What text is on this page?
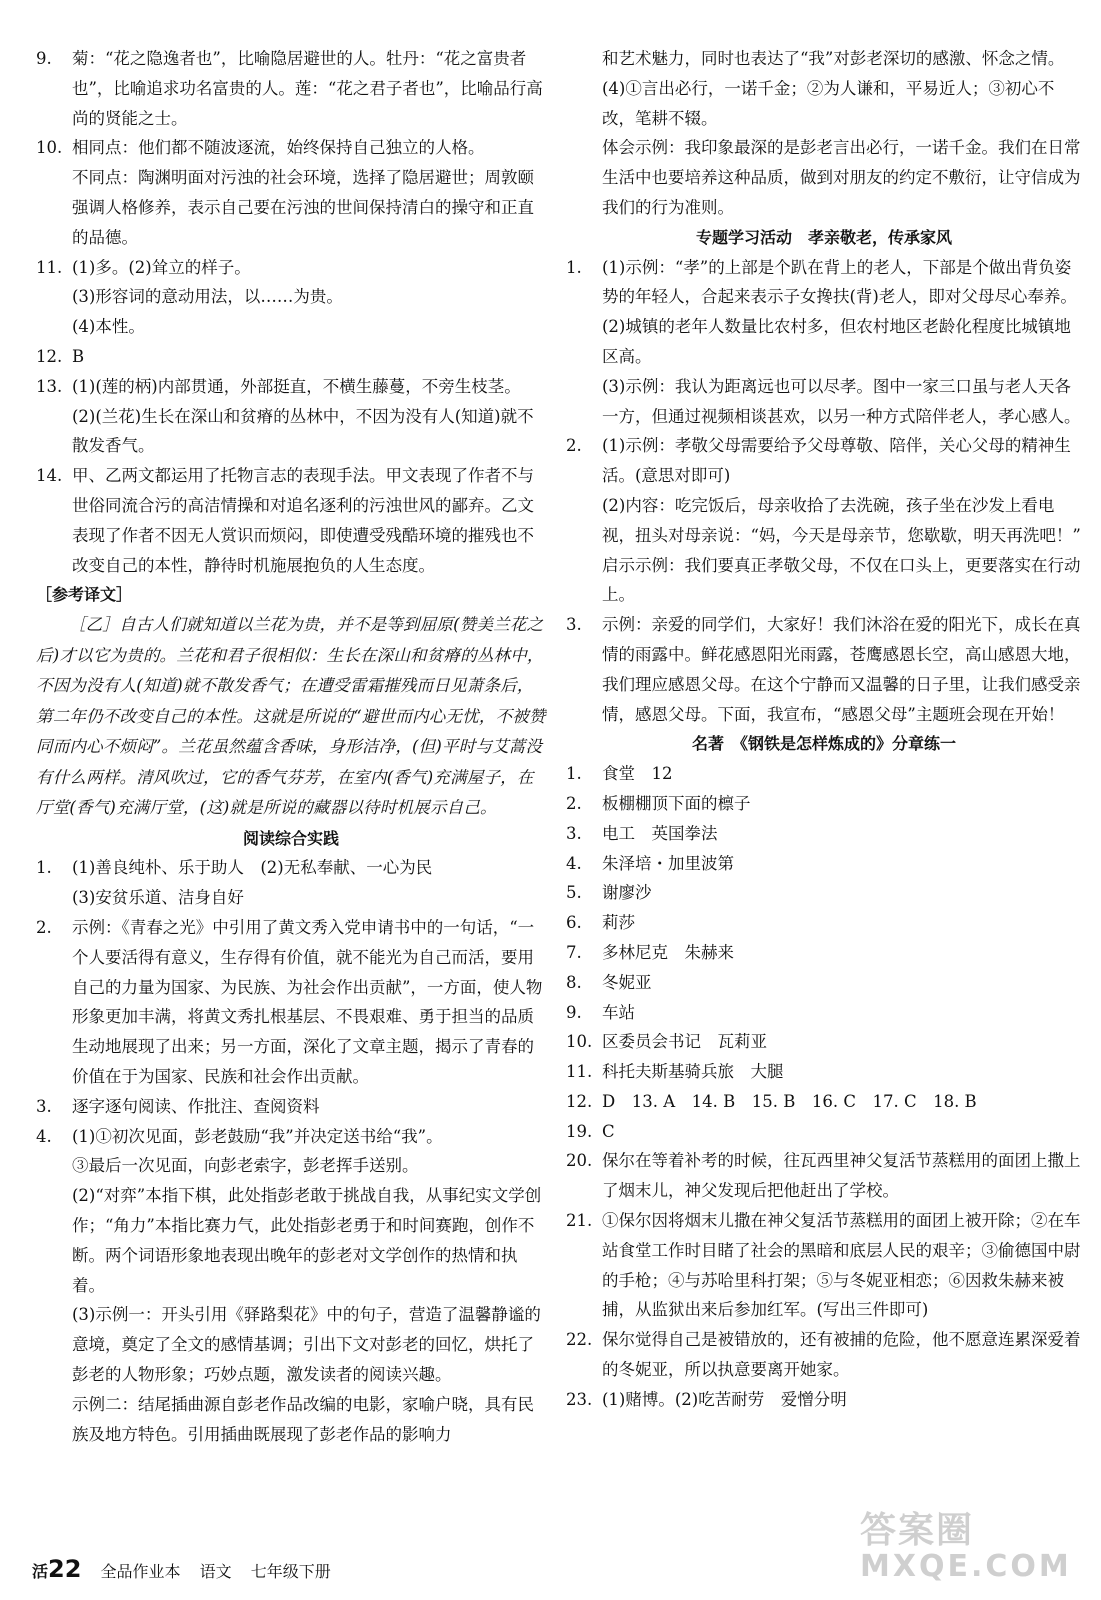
9. 菊：“花之隐逸者也”，比喻隐居避世的人。牡丹：“花之富贵者也”，比喻追求功名富贵的人。莲：“花之君子者也”，比喻品行高尚的贤能之士。

10. 相同点：他们都不随波逐流，始终保持自己独立的人格。

不同点：陶渊明面对污浊的社会环境，选择了隐居避世；周敦颐强调人格修养，表示自己要在污浊的世间保持清白的操守和正直的品德。

11. (1)多。(2)耸立的样子。

(3)形容词的意动用法，以……为贵。

(4)本性。

12. B

13. (1)(莲的柄)内部贯通，外部挺直，不横生藤蔓，不旁生枝茎。

(2)(兰花)生长在深山和贫瘠的丛林中，不因为没有人(知道)就不散发香气。

14. 甲、乙两文都运用了托物言志的表现手法。甲文表现了作者不与世俗同流合污的高洁情操和对追名逐利的污浊世风的鄙弃。乙文表现了作者不因无人赏识而烦闷，即使遭受残酷环境的摧残也不改变自己的本性，静待时机施展抱负的人生态度。

［参考译文］

［乙］自古人们就知道以兰花为贵，并不是等到屈原(赞美兰花之后)才以它为贵的。兰花和君子很相似：生长在深山和贫瘠的丛林中，不因为没有人(知道)就不散发香气；在遭受雷霜摧残而日见萧条后，第二年仍不改变自己的本性。这就是所说的“避世而内心无忧，不被赞同而内心不烦闷”。兰花虽然蕴含香味，身形洁净，(但)平时与艾蒿没有什么两样。清风吹过，它的香气芬芳，在室内(香气)充满屋子，在厅堂(香气)充满厅堂，(这)就是所说的藏器以待时机展示自己。

阅读综合实践

1. (1)善良纯朴、乐于助人　(2)无私奉献、一心为民

(3)安贫乐道、洁身自好

2. 示例：《青春之光》中引用了黄文秀入党申请书中的一句话，“一个人要活得有意义，生存得有价值，就不能光为自己而活，要用自己的力量为国家、为民族、为社会作出贡献”，一方面，使人物形象更加丰满，将黄文秀扎根基层、不畏艰难、勇于担当的品质生动地展现了出来；另一方面，深化了文章主题，揭示了青春的价值在于为国家、民族和社会作出贡献。

3. 逐字逐句阅读、作批注、查阅资料

4. (1)①初次见面，彭老鼓励“我”并决定送书给“我”。

③最后一次见面，向彭老索字，彭老挥手送别。

(2)“对弈”本指下棋，此处指彭老敢于挑战自我，从事纪实文学创作；“角力”本指比赛力气，此处指彭老勇于和时间赛跑，创作不断。两个词语形象地表现出晚年的彭老对文学创作的热情和执着。

(3)示例一：开头引用《驿路梨花》中的句子，营造了温馨静谧的意境，奠定了全文的感情基调；引出下文对彭老的回忆，烘托了彭老的人物形象；巧妙点题，激发读者的阅读兴趣。

示例二：结尾插曲源自彭老作品改编的电影，家喻户晓，具有民族及地方特色。引用插曲既展现了彭老作品的影响力

和艺术魅力，同时也表达了“我”对彭老深切的感激、怀念之情。

(4)①言出必行，一诺千金；②为人谦和，平易近人；③初心不改，笔耕不辍。

体会示例：我印象最深的是彭老言出必行，一诺千金。我们在日常生活中也要培养这种品质，做到对朋友的约定不敷衍，让守信成为我们的行为准则。

专题学习活动　孝亲敬老，传承家风

1. (1)示例：“孝”的上部是个趴在背上的老人，下部是个做出背负姿势的年轻人，合起来表示子女搀扶(背)老人，即对父母尽心奉养。

(2)城镇的老年人数量比农村多，但农村地区老龄化程度比城镇地区高。

(3)示例：我认为距离远也可以尽孝。图中一家三口虽与老人天各一方，但通过视频相谈甚欢，以另一种方式陪伴老人，孝心感人。

2. (1)示例：孝敬父母需要给予父母尊敬、陪伴，关心父母的精神生活。(意思对即可)

(2)内容：吃完饭后，母亲收拾了去洗碗，孩子坐在沙发上看电视，扭头对母亲说：“妈，今天是母亲节，您歇歇，明天再洗吧！”

启示示例：我们要真正孝敬父母，不仅在口头上，更要落实在行动上。

3. 示例：亲爱的同学们，大家好！我们沐浴在爱的阳光下，成长在真情的雨露中。鲜花感恩阳光雨露，苍鹰感恩长空，高山感恩大地，我们理应感恩父母。在这个宁静而又温馨的日子里，让我们感受亲情，感恩父母。下面，我宣布，“感恩父母”主题班会现在开始！

名著　《钢铁是怎样炼成的》分章练一

1. 食堂　12

2. 板棚棚顶下面的檩子

3. 电工　英国拳法

4. 朱泽培・加里波第

5. 谢廖沙

6. 莉莎

7. 多林尼克　朱赫来

8. 冬妮亚

9. 车站

10. 区委员会书记　瓦莉亚

11. 科托夫斯基骑兵旅　大腿

12. D　13. A　14. B　15. B　16. C　17. C　18. B

19. C

20. 保尔在等着补考的时候，往瓦西里神父复活节蒸糕用的面团上撒上了烟末儿，神父发现后把他赶出了学校。

21. ①保尔因将烟末儿撒在神父复活节蒸糕用的面团上被开除；②在车站食堂工作时目睹了社会的黑暗和底层人民的艰辛；③偷德国中尉的手枪；④与苏哈里科打架；⑤与冬妮亚相恋；⑥因救朱赫来被捕，从监狱出来后参加红军。(写出三件即可)

22. 保尔觉得自己是被错放的，还有被捕的危险，他不愿意连累深爱着的冬妮亚，所以执意要离开她家。

23. (1)赌博。(2)吃苦耐劳　爱憎分明

活22 全品作业本 语文 七年级下册
答案圈
MXQE.COM
